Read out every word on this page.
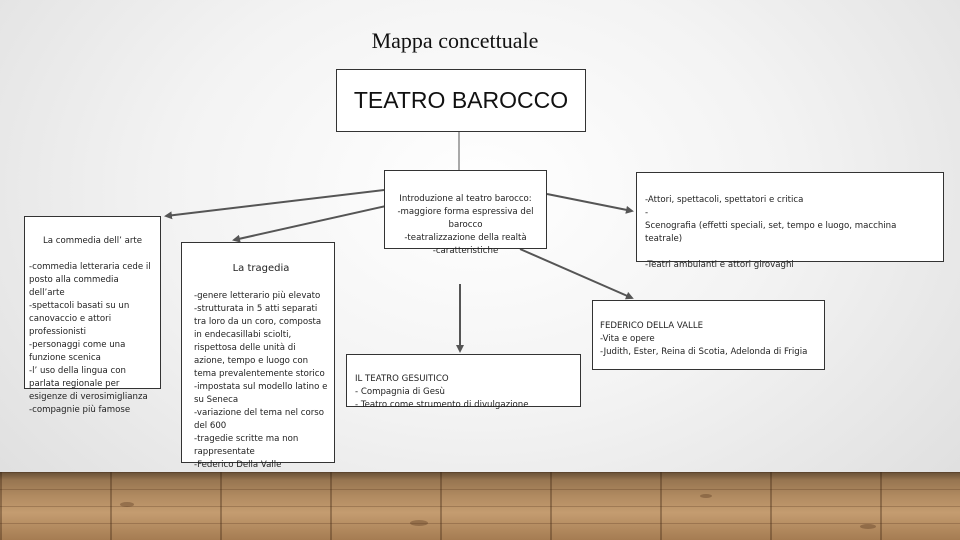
Mappa concettuale
TEATRO BAROCCO

La commedia dell’ arte

-commedia letteraria cede il posto alla commedia dell’arte
-spettacoli basati su un canovaccio e attori professionisti
-personaggi come una funzione scenica
-l’ uso della lingua con parlata regionale per esigenze di verosimiglianza
-compagnie più famose

La tragedia

-genere letterario più elevato
-strutturata in 5 atti separati tra loro da un coro, composta in endecasillabi sciolti, rispettosa delle unità di azione, tempo e luogo con tema prevalentemente storico
-impostata sul modello latino e su Seneca
-variazione del tema nel corso del 600
-tragedie scritte ma non rappresentate
-Federico Della Valle

Introduzione al teatro barocco:
-maggiore forma espressiva del barocco
-teatralizzazione della realtà
-caratteristiche

-Attori, spettacoli, spettatori e critica
-
Scenografia (effetti speciali, set, tempo e luogo, macchina teatrale)

-Teatri ambulanti e attori girovaghi

FEDERICO DELLA VALLE
-Vita e opere
-Judith, Ester, Reina di Scotia, Adelonda di Frigia

IL TEATRO GESUITICO
- Compagnia di Gesù
- Teatro come strumento di divulgazione
